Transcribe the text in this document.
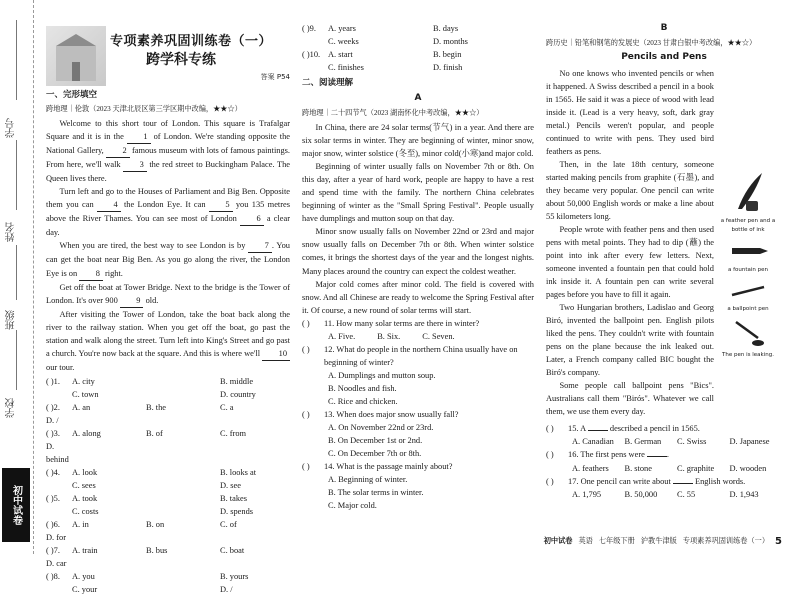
学号
姓名
班级
学校
初中试卷
专项素养巩固训练卷（一）
跨学科专练
答案 P54
一、完形填空
跨地理｜伦敦（2023 天津北辰区第三学区期中改编，★★☆）

Welcome to this short tour of London. This square is Trafalgar Square and it is in the 1 of London. We're standing opposite the National Gallery, 2 famous museum with lots of famous paintings. From here, we'll walk 3 the red street to Buckingham Palace. The Queen lives there.

Turn left and go to the Houses of Parliament and Big Ben. Opposite them you can 4 the London Eye. It can 5 you 135 metres above the River Thames. You can see most of London 6 a clear day.

When you are tired, the best way to see London is by 7 . You can get the boat near Big Ben. As you go along the river, the London Eye is on 8 right.

Get off the boat at Tower Bridge. Next to the bridge is the Tower of London. It's over 900 9 old.

After visiting the Tower of London, take the boat back along the river to the railway station. When you get off the boat, go past the station and walk along the street. Turn left into King's Street and go past a church. You're now back at the square. And this is where we'll 10 our tour.

( )1.	A. city	B. middle
C. town	D. country
( )2.	A. an	B. the	C. a
D. /
( )3.	A. along	B. of	C. from
D. behind
( )4.	A. look	B. looks at
C. sees	D. see
( )5.	A. took	B. takes
C. costs	D. spends
( )6.	A. in	B. on	C. of
D. for
( )7.	A. train	B. bus	C. boat
D. car
( )8.	A. you	B. yours
C. your	D. /
( )9.	A. years	B. days
C. weeks	D. months
( )10. A. start	B. begin
C. finishes	D. finish
二、阅读理解
A
跨地理｜二十四节气（2023 湖南怀化中考改编，★★☆）

In China, there are 24 solar terms(节气) in a year. And there are six solar terms in winter. They are beginning of winter, minor snow, major snow, winter solstice (冬至), minor cold(小寒)and major cold.

Beginning of winter usually falls on November 7th or 8th. On this day, after a year of hard work, people are happy to have a rest and spend time with the family. The northern China celebrates beginning of winter as the "Small Spring Festival". People usually have dumplings and mutton soup on that day.

Minor snow usually falls on November 22nd or 23rd and major snow usually falls on December 7th or 8th. When winter solstice comes, it brings the shortest days of the year and the longest nights. Many places around the country can expect the coldest weather.

Major cold comes after minor cold. The field is covered with snow. And all Chinese are ready to welcome the Spring Festival after it. Of course, a new round of solar terms will start.

( )	11. How many solar terms are there in winter?
A. Five.	B. Six.	C. Seven.
( )	12. What do people in the northern China usually have on beginning of winter?
A. Dumplings and mutton soup.
B. Noodles and fish.
C. Rice and chicken.
( )	13. When does major snow usually fall?
A. On November 22nd or 23rd.
B. On December 1st or 2nd.
C. On December 7th or 8th.
( )	14. What is the passage mainly about?
A. Beginning of winter.
B. The solar terms in winter.
C. Major cold.
B
跨历史｜铅笔和钢笔的发展史（2023 甘肃白银中考改编，★★☆）
Pencils and Pens

No one knows who invented pencils or when it happened. A Swiss described a pencil in a book in 1565. He said it was a piece of wood with lead inside it. (Lead is a very heavy, soft, dark gray metal.) Pencils weren't popular, and people continued to write with pens. They used bird feathers as pens.

Then, in the late 18th century, someone started making pencils from graphite (石墨), and they became very popular. One pencil can write about 50,000 English words or make a line about 55 kilometers long.

People wrote with feather pens and then used pens with metal points. They had to dip (蘸) the point into ink after every few letters. Next, someone invented a fountain pen that could hold ink inside it. A fountain pen can write several pages before you have to fill it again.

Two Hungarian brothers, Ladislao and Georg Biró, invented the ballpoint pen. English pilots liked the pens. They couldn't write with fountain pens on the plane because the ink leaked out. Later, a French company called BIC bought the Biró's company.

Some people call ballpoint pens "Bics". Australians call them "Birós". Whatever we call them, we use them every day.

a feather pen and a bottle of ink
a fountain pen
a ballpoint pen
The pen is leaking.
( )	15. A  described a pencil in 1565.
A. Canadian	B. German	C. Swiss	D. Japanese
( )	16. The first pens were .
A. feathers	B. stone	C. graphite	D. wooden
( )	17. One pencil can write about  English words.
A. 1,795	B. 50,000	C. 55	D. 1,943
初中试卷 英语 七年级下册 沪教牛津版 专项素养巩固训练卷（一） 5
